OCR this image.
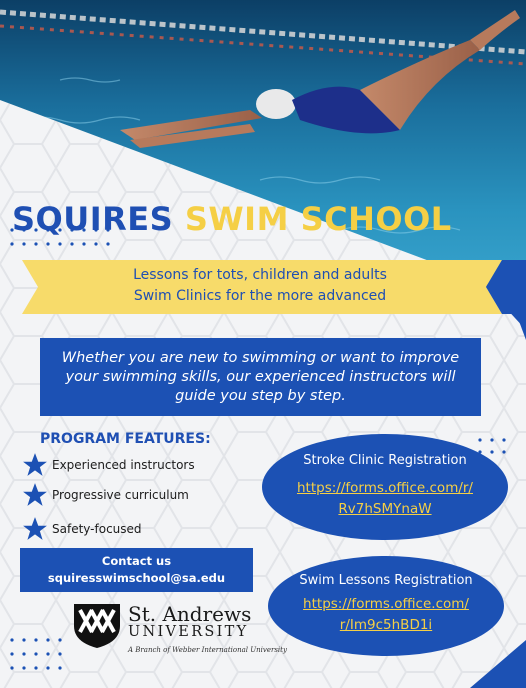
SQUIRES SWIM SCHOOL
Lessons for tots, children and adults
Swim Clinics for the more advanced
Whether you are new to swimming or want to improve your swimming skills, our experienced instructors will guide you step by step.
PROGRAM FEATURES:
Experienced instructors
Progressive curriculum
Safety-focused
Contact us
squiresswimschool@sa.edu
St. Andrews
UNIVERSITY
A Branch of Webber International University
Stroke Clinic Registration
https://forms.office.com/r/
Rv7hSMYnaW
Swim Lessons Registration
https://forms.office.com/
r/Im9c5hBD1i
